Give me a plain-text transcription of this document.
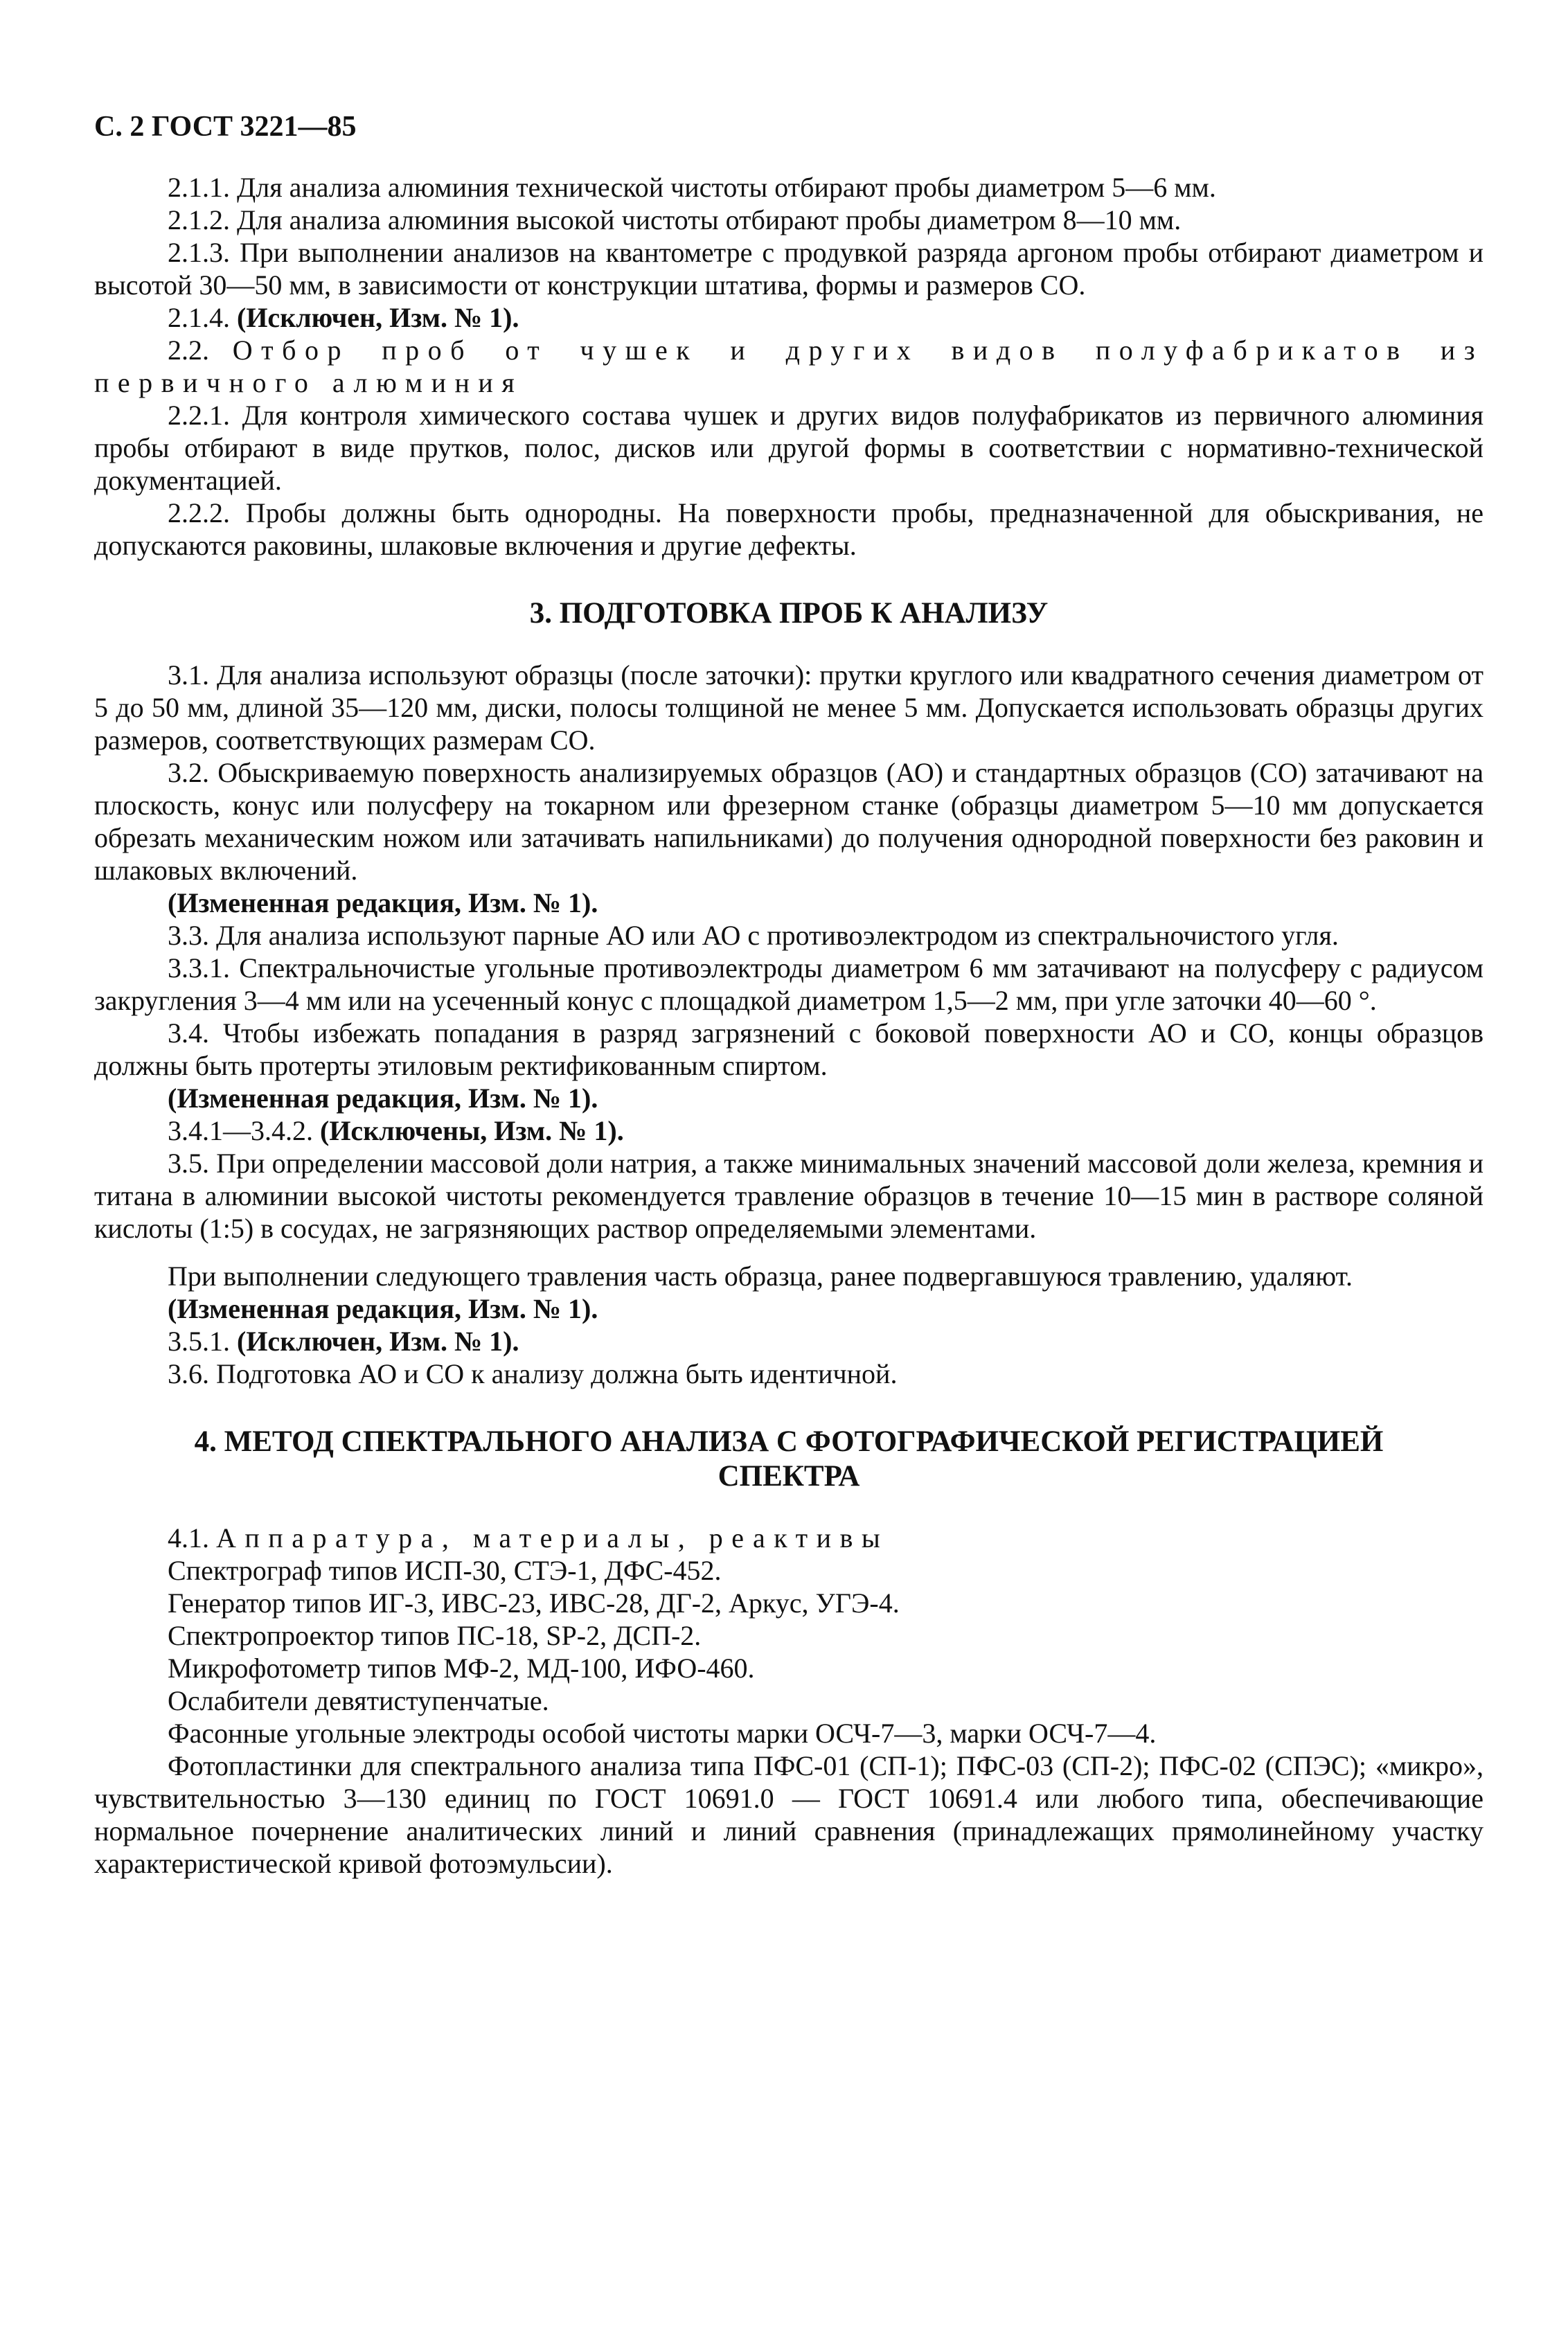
С. 2 ГОСТ 3221—85

2.1.1. Для анализа алюминия технической чистоты отбирают пробы диаметром 5—6 мм.

2.1.2. Для анализа алюминия высокой чистоты отбирают пробы диаметром 8—10 мм.

2.1.3. При выполнении анализов на квантометре с продувкой разряда аргоном пробы отбирают диаметром и высотой 30—50 мм, в зависимости от конструкции штатива, формы и размеров СО.

2.1.4. (Исключен, Изм. № 1).

2.2. Отбор проб от чушек и других видов полуфабрикатов из первичного алюминия

2.2.1. Для контроля химического состава чушек и других видов полуфабрикатов из первичного алюминия пробы отбирают в виде прутков, полос, дисков или другой формы в соответствии с нормативно-технической документацией.

2.2.2. Пробы должны быть однородны. На поверхности пробы, предназначенной для обыскривания, не допускаются раковины, шлаковые включения и другие дефекты.

3. ПОДГОТОВКА ПРОБ К АНАЛИЗУ

3.1. Для анализа используют образцы (после заточки): прутки круглого или квадратного сечения диаметром от 5 до 50 мм, длиной 35—120 мм, диски, полосы толщиной не менее 5 мм. Допускается использовать образцы других размеров, соответствующих размерам СО.

3.2. Обыскриваемую поверхность анализируемых образцов (АО) и стандартных образцов (СО) затачивают на плоскость, конус или полусферу на токарном или фрезерном станке (образцы диаметром 5—10 мм допускается обрезать механическим ножом или затачивать напильниками) до получения однородной поверхности без раковин и шлаковых включений.

(Измененная редакция, Изм. № 1).

3.3. Для анализа используют парные АО или АО с противоэлектродом из спектральночистого угля.

3.3.1. Спектральночистые угольные противоэлектроды диаметром 6 мм затачивают на полусферу с радиусом закругления 3—4 мм или на усеченный конус с площадкой диаметром 1,5—2 мм, при угле заточки 40—60 °.

3.4. Чтобы избежать попадания в разряд загрязнений с боковой поверхности АО и СО, концы образцов должны быть протерты этиловым ректификованным спиртом.

(Измененная редакция, Изм. № 1).

3.4.1—3.4.2. (Исключены, Изм. № 1).

3.5. При определении массовой доли натрия, а также минимальных значений массовой доли железа, кремния и титана в алюминии высокой чистоты рекомендуется травление образцов в течение 10—15 мин в растворе соляной кислоты (1:5) в сосудах, не загрязняющих раствор определяемыми элементами.

При выполнении следующего травления часть образца, ранее подвергавшуюся травлению, удаляют.

(Измененная редакция, Изм. № 1).

3.5.1. (Исключен, Изм. № 1).

3.6. Подготовка АО и СО к анализу должна быть идентичной.

4. МЕТОД СПЕКТРАЛЬНОГО АНАЛИЗА С ФОТОГРАФИЧЕСКОЙ РЕГИСТРАЦИЕЙ СПЕКТРА

4.1. Аппаратура, материалы, реактивы

Спектрограф типов ИСП-30, СТЭ-1, ДФС-452.

Генератор типов ИГ-3, ИВС-23, ИВС-28, ДГ-2, Аркус, УГЭ-4.

Спектропроектор типов ПС-18, SP-2, ДСП-2.

Микрофотометр типов МФ-2, МД-100, ИФО-460.

Ослабители девятиступенчатые.

Фасонные угольные электроды особой чистоты марки ОСЧ-7—3, марки ОСЧ-7—4.

Фотопластинки для спектрального анализа типа ПФС-01 (СП-1); ПФС-03 (СП-2); ПФС-02 (СПЭС); «микро», чувствительностью 3—130 единиц по ГОСТ 10691.0 — ГОСТ 10691.4 или любого типа, обеспечивающие нормальное почернение аналитических линий и линий сравнения (принадлежащих прямолинейному участку характеристической кривой фотоэмульсии).
